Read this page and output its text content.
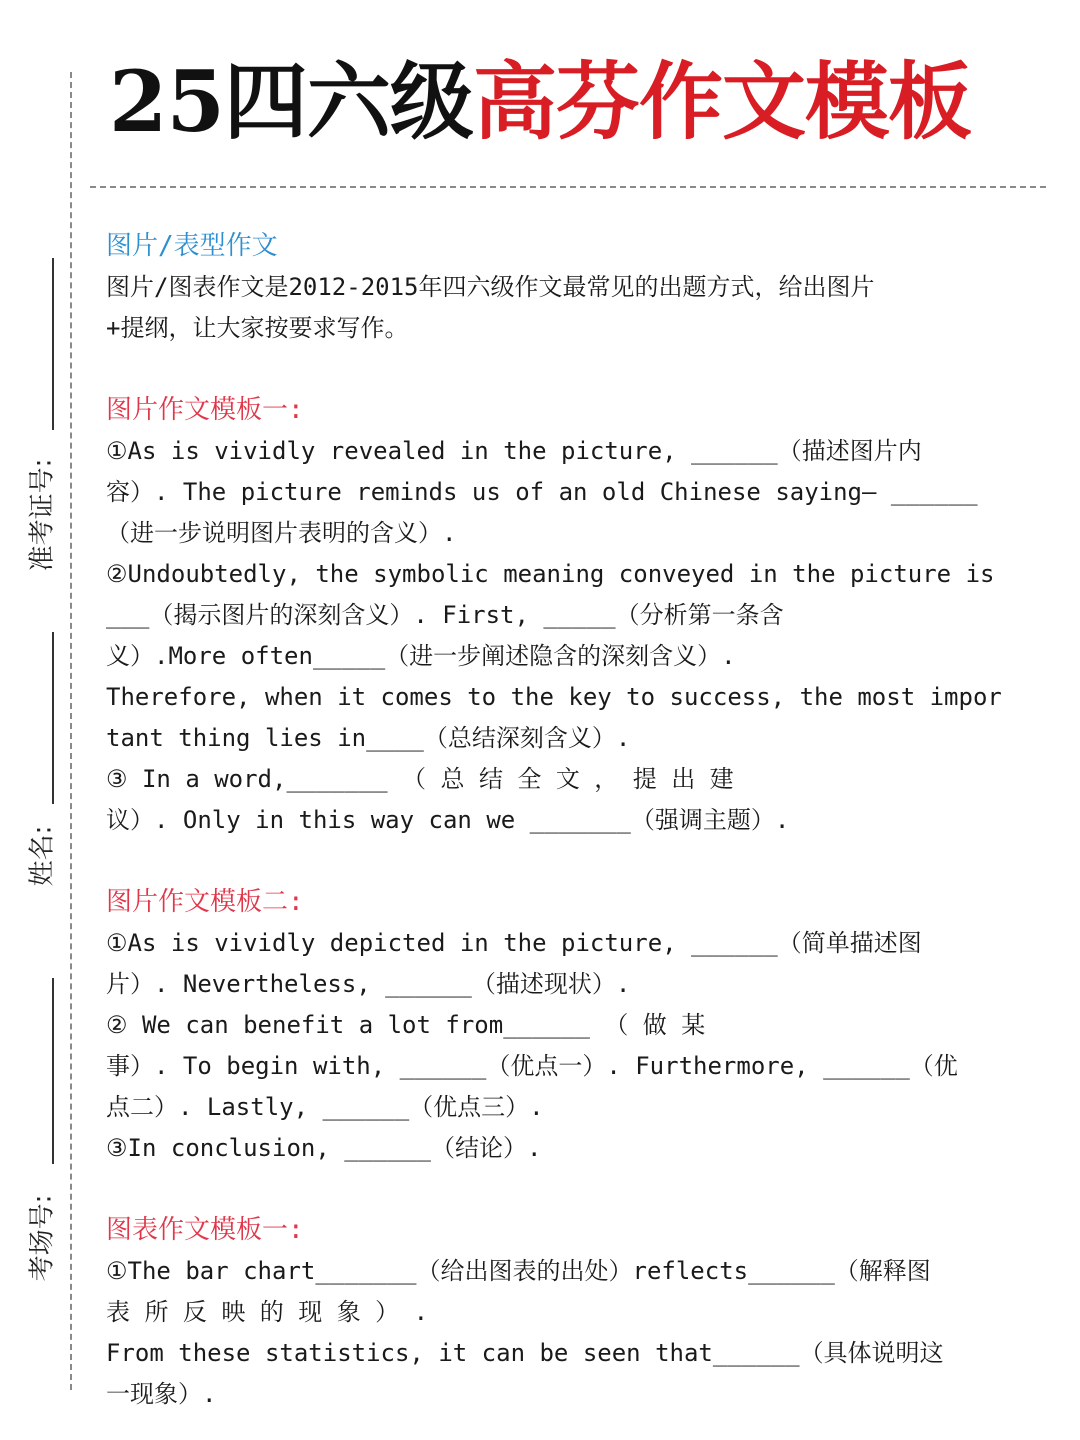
25四六级高芬作文模板
准考证号:
姓名:
考场号:

图片/表型作文

图片/图表作文是2012-2015年四六级作文最常见的出题方式，给出图片

+提纲，让大家按要求写作。

图片作文模板一:

①As is vividly revealed in the picture, ______（描述图片内

容）. The picture reminds us of an old Chinese saying— ______

（进一步说明图片表明的含义）.

②Undoubtedly, the symbolic meaning conveyed in the picture is

___（揭示图片的深刻含义）. First, _____（分析第一条含

义）.More often_____（进一步阐述隐含的深刻含义）.

Therefore, when it comes to the key to success, the most impor

tant thing lies in____（总结深刻含义）.

③ In a word,_______ （ 总 结 全 文 ， 提 出 建

议）. Only in this way can we _______（强调主题）.

图片作文模板二:

①As is vividly depicted in the picture, ______（简单描述图

片）. Nevertheless, ______（描述现状）.

② We can benefit a lot from______ （ 做 某

事）. To begin with, ______（优点一）. Furthermore, ______（优

点二）. Lastly, ______（优点三）.

③In conclusion, ______（结论）.

图表作文模板一:

①The bar chart_______（给出图表的出处）reflects______（解释图

表 所 反 映 的 现 象 ） .

From these statistics, it can be seen that______（具体说明这

一现象）.
